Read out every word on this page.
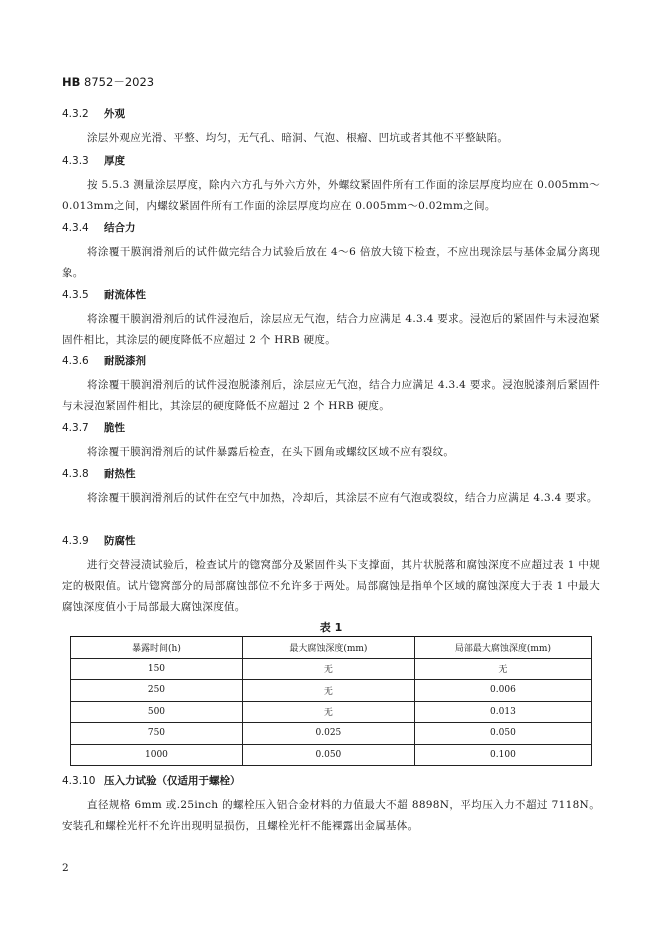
HB 8752－2023
4.3.2 外观
涂层外观应光滑、平整、均匀，无气孔、暗洞、气泡、根瘤、凹坑或者其他不平整缺陷。
4.3.3 厚度
按 5.5.3 测量涂层厚度，除内六方孔与外六方外，外螺纹紧固件所有工作面的涂层厚度均应在 0.005mm～0.013mm之间，内螺纹紧固件所有工作面的涂层厚度均应在 0.005mm～0.02mm之间。
4.3.4 结合力
将涂覆干膜润滑剂后的试件做完结合力试验后放在 4～6 倍放大镜下检查，不应出现涂层与基体金属分离现象。
4.3.5 耐流体性
将涂覆干膜润滑剂后的试件浸泡后，涂层应无气泡，结合力应满足 4.3.4 要求。浸泡后的紧固件与未浸泡紧固件相比，其涂层的硬度降低不应超过 2 个 HRB 硬度。
4.3.6 耐脱漆剂
将涂覆干膜润滑剂后的试件浸泡脱漆剂后，涂层应无气泡，结合力应满足 4.3.4 要求。浸泡脱漆剂后紧固件与未浸泡紧固件相比，其涂层的硬度降低不应超过 2 个 HRB 硬度。
4.3.7 脆性
将涂覆干膜润滑剂后的试件暴露后检查，在头下圆角或螺纹区域不应有裂纹。
4.3.8 耐热性
将涂覆干膜润滑剂后的试件在空气中加热，冷却后，其涂层不应有气泡或裂纹，结合力应满足 4.3.4 要求。
4.3.9 防腐性
进行交替浸渍试验后，检查试片的锪窝部分及紧固件头下支撑面，其片状脱落和腐蚀深度不应超过表 1 中规定的极限值。试片锪窝部分的局部腐蚀部位不允许多于两处。局部腐蚀是指单个区域的腐蚀深度大于表 1 中最大腐蚀深度值小于局部最大腐蚀深度值。
表 1
暴露时间(h)	最大腐蚀深度(mm)	局部最大腐蚀深度(mm)
150	无	无
250	无	0.006
500	无	0.013
750	0.025	0.050
1000	0.050	0.100
4.3.10 压入力试验（仅适用于螺栓）
直径规格 6mm 或.25inch 的螺栓压入铝合金材料的力值最大不超 8898N，平均压入力不超过 7118N。安装孔和螺栓光杆不允许出现明显损伤，且螺栓光杆不能裸露出金属基体。
2
